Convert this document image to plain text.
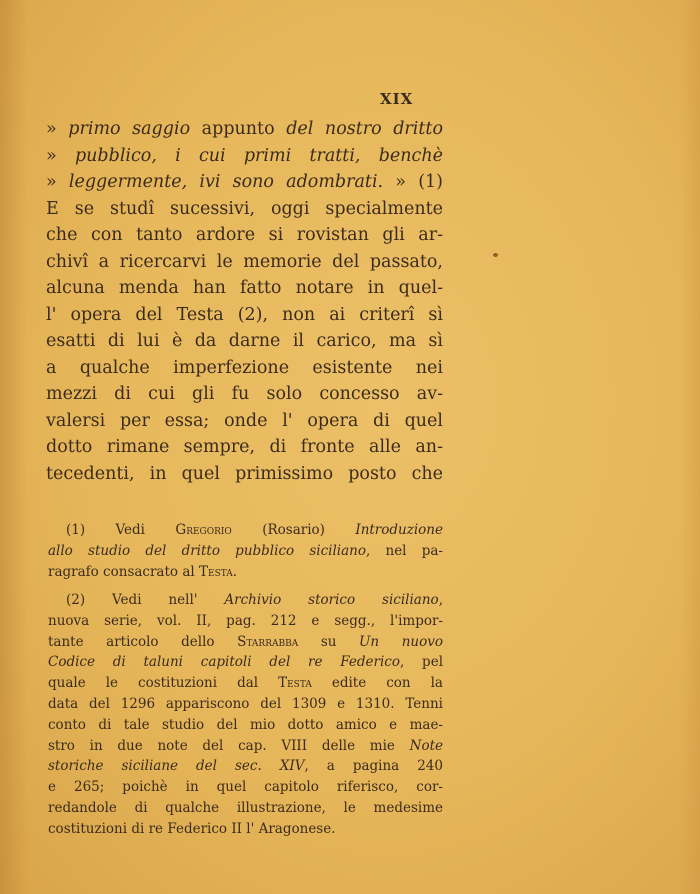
XIX
» primo saggio appunto del nostro dritto
» pubblico, i cui primi tratti, benchè
» leggermente, ivi sono adombrati. » (1)
E se studî sucessivi, oggi specialmente
che con tanto ardore si rovistan gli ar-
chivî a ricercarvi le memorie del passato,
alcuna menda han fatto notare in quel-
l' opera del Testa (2), non ai criterî sì
esatti di lui è da darne il carico, ma sì
a qualche imperfezione esistente nei
mezzi di cui gli fu solo concesso av-
valersi per essa; onde l' opera di quel
dotto rimane sempre, di fronte alle an-
tecedenti, in quel primissimo posto che
(1) Vedi Gregorio (Rosario) Introduzione
allo studio del dritto pubblico siciliano, nel pa-
ragrafo consacrato al Testa.
(2) Vedi nell' Archivio storico siciliano,
nuova serie, vol. II, pag. 212 e segg., l'impor-
tante articolo dello Starrabba su Un nuovo
Codice di taluni capitoli del re Federico, pel
quale le costituzioni dal Testa edite con la
data del 1296 appariscono del 1309 e 1310. Tenni
conto di tale studio del mio dotto amico e mae-
stro in due note del cap. VIII delle mie Note
storiche siciliane del sec. XIV, a pagina 240
e 265; poichè in quel capitolo riferisco, cor-
redandole di qualche illustrazione, le medesime
costituzioni di re Federico II l' Aragonese.
